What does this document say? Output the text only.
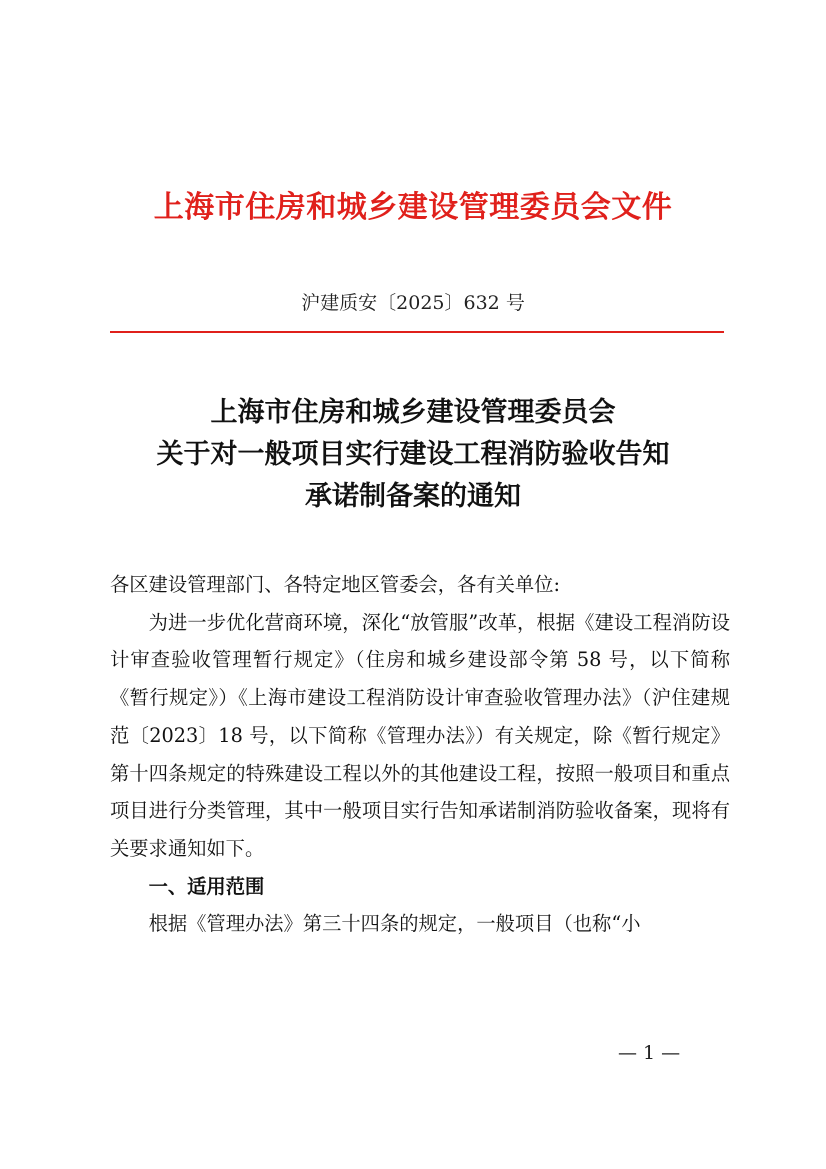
上海市住房和城乡建设管理委员会文件
沪建质安〔2025〕632 号
上海市住房和城乡建设管理委员会
关于对一般项目实行建设工程消防验收告知
承诺制备案的通知

各区建设管理部门、各特定地区管委会，各有关单位:

为进一步优化营商环境，深化“放管服”改革，根据《建设工程消防设计审查验收管理暂行规定》（住房和城乡建设部令第 58 号，以下简称《暂行规定》）《上海市建设工程消防设计审查验收管理办法》（沪住建规范〔2023〕18 号，以下简称《管理办法》）有关规定，除《暂行规定》第十四条规定的特殊建设工程以外的其他建设工程，按照一般项目和重点项目进行分类管理，其中一般项目实行告知承诺制消防验收备案，现将有关要求通知如下。

一、适用范围

根据《管理办法》第三十四条的规定，一般项目（也称“小

— 1 —
